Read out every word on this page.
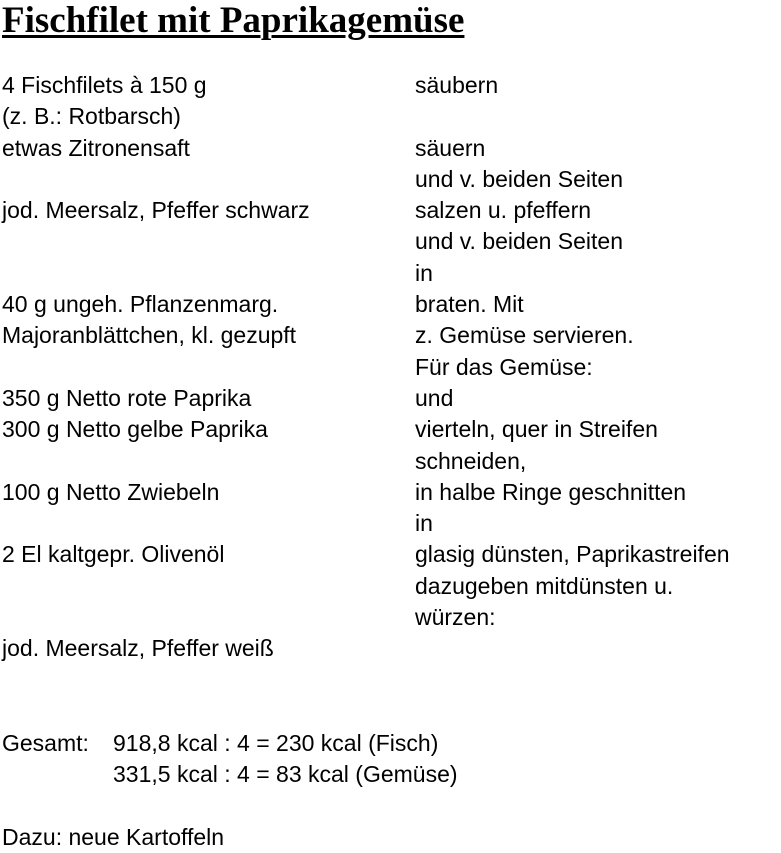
Fischfilet mit Paprikagemüse
4 Fischfilets à 150 g	säubern
(z. B.: Rotbarsch)
etwas Zitronensaft	säuern
und v. beiden Seiten
jod. Meersalz, Pfeffer schwarz	salzen u. pfeffern
und v. beiden Seiten
in
40 g ungeh. Pflanzenmarg.	braten. Mit
Majoranblättchen, kl. gezupft	z. Gemüse servieren.
Für das Gemüse:
350 g Netto rote Paprika	und
300 g Netto gelbe Paprika	vierteln, quer in Streifen
schneiden,
100 g Netto Zwiebeln	in halbe Ringe geschnitten
in
2 El kaltgepr. Olivenöl	glasig dünsten, Paprikastreifen
dazugeben mitdünsten u.
würzen:
jod. Meersalz, Pfeffer weiß
Gesamt: 918,8 kcal : 4 = 230 kcal (Fisch)
331,5 kcal : 4 = 83 kcal (Gemüse)
Dazu: neue Kartoffeln
